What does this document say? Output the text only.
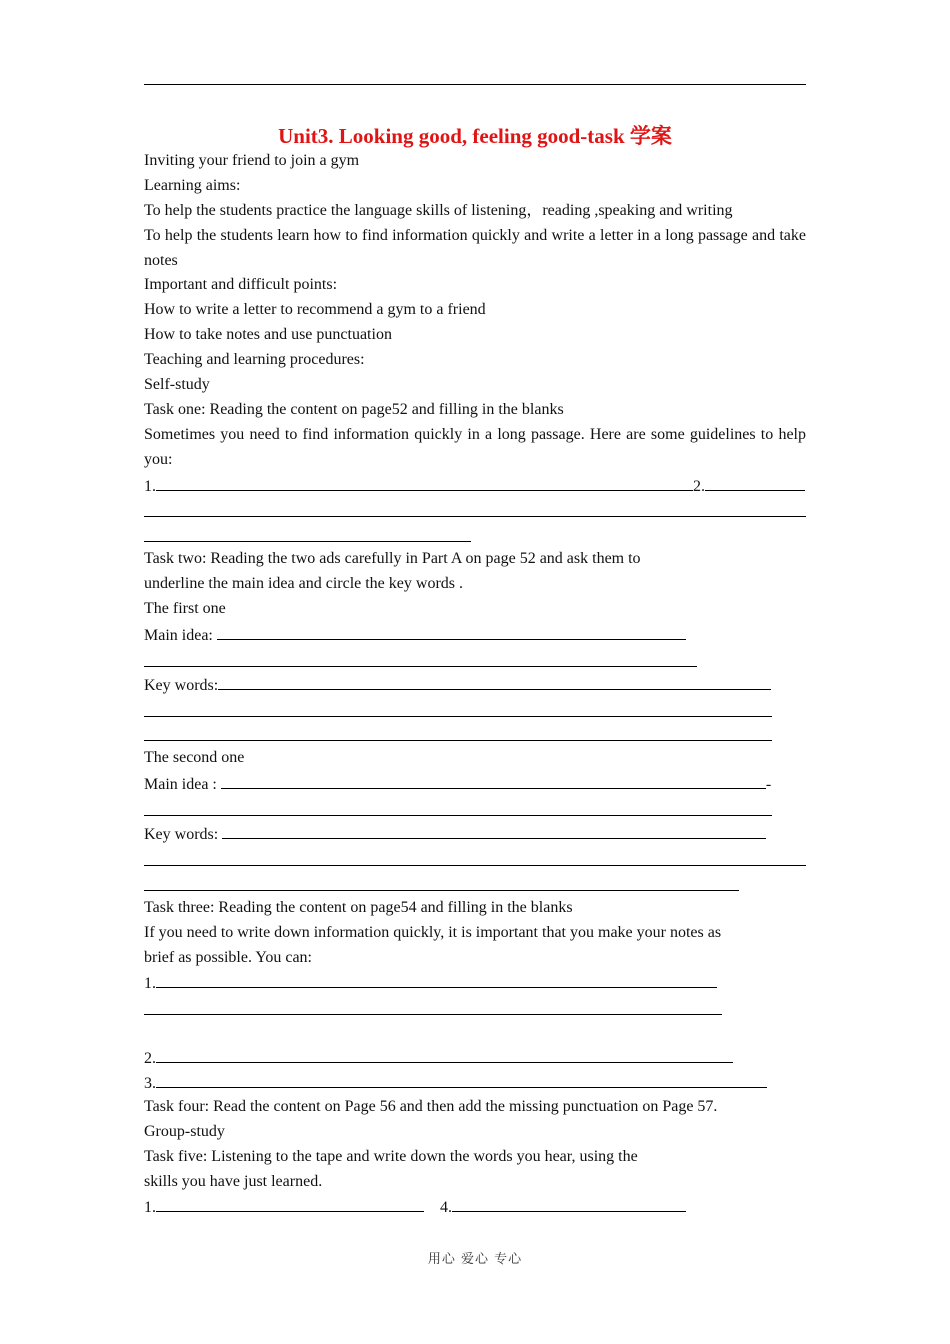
Unit3. Looking good, feeling good-task 学案
Inviting your friend to join a gym
Learning aims:
To help the students practice the language skills of listening，reading ,speaking and writing
To help the students learn how to find information quickly and write a letter in a long passage and take notes
Important and difficult points:
How to write a letter to recommend a gym to a friend
How to take notes and use punctuation
Teaching and learning procedures:
Self-study
Task one: Reading the content on page52 and filling in the blanks
Sometimes you need to find information quickly in a long passage. Here are some guidelines to help you:
1.	2.
Task two: Reading the two ads carefully in Part A on page 52 and ask them to
underline the main idea and circle the key words .
The first one
Main idea:
Key words:
The second one
Main idea :	-
Key words:
Task three: Reading the content on page54 and filling in the blanks
If you need to write down information quickly, it is important that you make your notes as
brief as possible. You can:
1.
2.
3.
Task four: Read the content on Page 56 and then add the missing punctuation on Page 57.
Group-study
Task five: Listening to the tape and write down the words you hear, using the
skills you have just learned.
1.	4.
用心 爱心 专心
